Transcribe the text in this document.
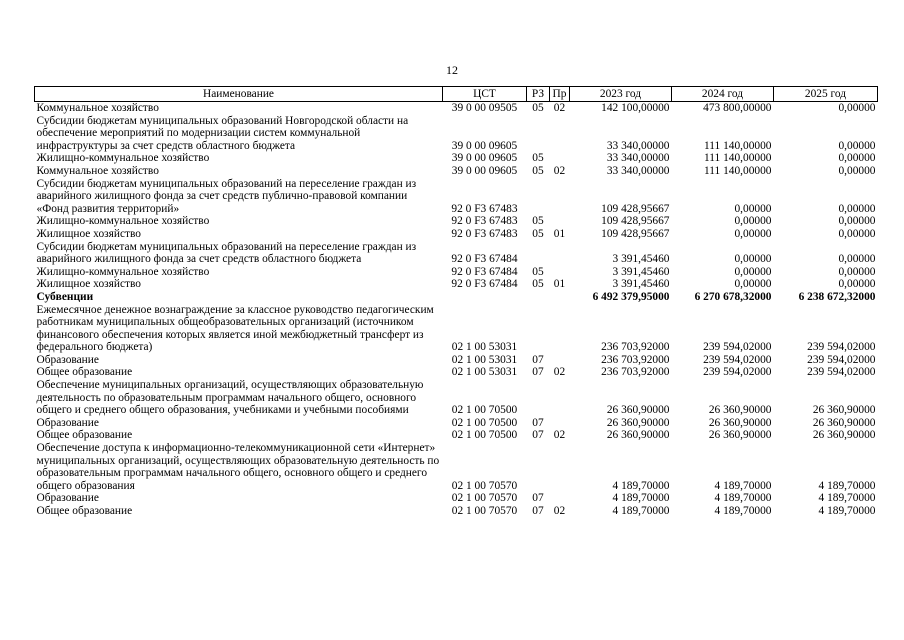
12
Наименование	ЦСТ	РЗ	Пр	2023 год	2024 год	2025 год
Коммунальное хозяйство	39 0 00 09505	05	02	142 100,00000	473 800,00000	0,00000
Субсидии бюджетам муниципальных образований Новгородской области на обеспечение мероприятий по модернизации систем коммунальной инфраструктуры за счет средств областного бюджета	39 0 00 09605			33 340,00000	111 140,00000	0,00000
Жилищно-коммунальное хозяйство	39 0 00 09605	05		33 340,00000	111 140,00000	0,00000
Коммунальное хозяйство	39 0 00 09605	05	02	33 340,00000	111 140,00000	0,00000
Субсидии бюджетам муниципальных образований на переселение граждан из аварийного жилищного фонда за счет средств публично-правовой компании «Фонд развития территорий»	92 0 F3 67483			109 428,95667	0,00000	0,00000
Жилищно-коммунальное хозяйство	92 0 F3 67483	05		109 428,95667	0,00000	0,00000
Жилищное хозяйство	92 0 F3 67483	05	01	109 428,95667	0,00000	0,00000
Субсидии бюджетам муниципальных образований на переселение граждан из аварийного жилищного фонда за счет средств областного бюджета	92 0 F3 67484			3 391,45460	0,00000	0,00000
Жилищно-коммунальное хозяйство	92 0 F3 67484	05		3 391,45460	0,00000	0,00000
Жилищное хозяйство	92 0 F3 67484	05	01	3 391,45460	0,00000	0,00000
Субвенции				6 492 379,95000	6 270 678,32000	6 238 672,32000
Ежемесячное денежное вознаграждение за классное руководство педагогическим работникам муниципальных общеобразовательных организаций (источником финансового обеспечения которых является иной межбюджетный трансферт из федерального бюджета)	02 1 00 53031			236 703,92000	239 594,02000	239 594,02000
Образование	02 1 00 53031	07		236 703,92000	239 594,02000	239 594,02000
Общее образование	02 1 00 53031	07	02	236 703,92000	239 594,02000	239 594,02000
Обеспечение муниципальных организаций, осуществляющих образовательную деятельность по образовательным программам начального общего, основного общего и среднего общего образования, учебниками и учебными пособиями	02 1 00 70500			26 360,90000	26 360,90000	26 360,90000
Образование	02 1 00 70500	07		26 360,90000	26 360,90000	26 360,90000
Общее образование	02 1 00 70500	07	02	26 360,90000	26 360,90000	26 360,90000
Обеспечение доступа к информационно-телекоммуникационной сети «Интернет» муниципальных организаций, осуществляющих образовательную деятельность по образовательным программам начального общего, основного общего и среднего общего образования	02 1 00 70570			4 189,70000	4 189,70000	4 189,70000
Образование	02 1 00 70570	07		4 189,70000	4 189,70000	4 189,70000
Общее образование	02 1 00 70570	07	02	4 189,70000	4 189,70000	4 189,70000
